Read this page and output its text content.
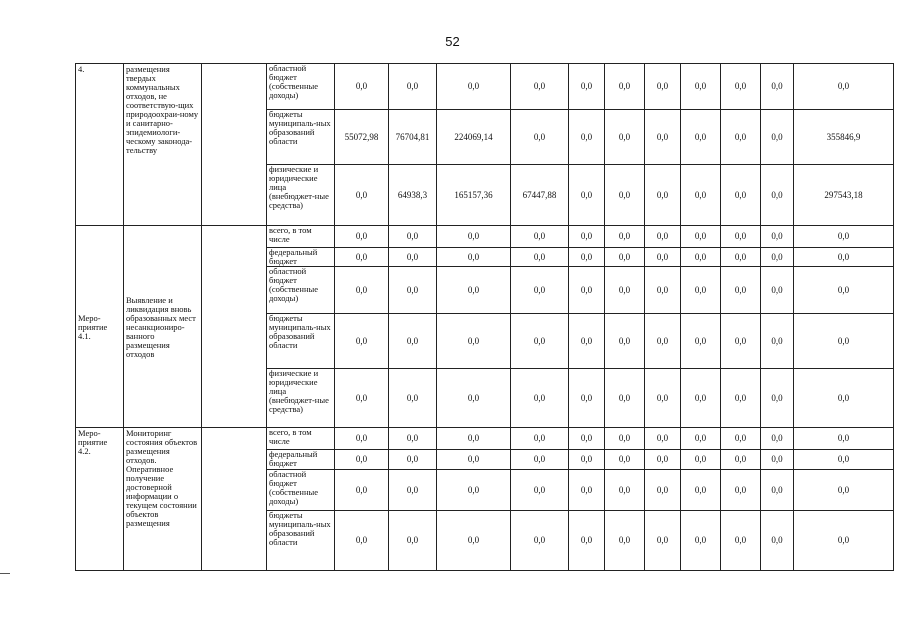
52
4.	размещения твердых коммунальных отходов, не соответствую-щих природоохраи-ному и санитарно-эпидемиологи-ческому законода-тельству		областной бюджет (собственные доходы)	0,0	0,0	0,0	0,0	0,0	0,0	0,0	0,0	0,0	0,0	0,0
			бюджеты муниципаль-ных образований области	55072,98	76704,81	224069,14	0,0	0,0	0,0	0,0	0,0	0,0	0,0	355846,9
			физические и юридические лица (внебюджет-ные средства)	0,0	64938,3	165157,36	67447,88	0,0	0,0	0,0	0,0	0,0	0,0	297543,18
Меро-приятие 4.1.	Выявление и ликвидация вновь образованных мест несанкциониро-ванного размещения отходов		всего, в том числе	0,0	0,0	0,0	0,0	0,0	0,0	0,0	0,0	0,0	0,0	0,0
			федеральный бюджет	0,0	0,0	0,0	0,0	0,0	0,0	0,0	0,0	0,0	0,0	0,0
			областной бюджет (собственные доходы)	0,0	0,0	0,0	0,0	0,0	0,0	0,0	0,0	0,0	0,0	0,0
			бюджеты муниципаль-ных образований области	0,0	0,0	0,0	0,0	0,0	0,0	0,0	0,0	0,0	0,0	0,0
			физические и юридические лица (внебюджет-ные средства)	0,0	0,0	0,0	0,0	0,0	0,0	0,0	0,0	0,0	0,0	0,0
Меро-приятие 4.2.	Мониторинг состояния объектов размещения отходов. Оперативное получение достоверной информации о текущем состоянии объектов размещения		всего, в том числе	0,0	0,0	0,0	0,0	0,0	0,0	0,0	0,0	0,0	0,0	0,0
			федеральный бюджет	0,0	0,0	0,0	0,0	0,0	0,0	0,0	0,0	0,0	0,0	0,0
			областной бюджет (собственные доходы)	0,0	0,0	0,0	0,0	0,0	0,0	0,0	0,0	0,0	0,0	0,0
			бюджеты муниципаль-ных образований области	0,0	0,0	0,0	0,0	0,0	0,0	0,0	0,0	0,0	0,0	0,0
